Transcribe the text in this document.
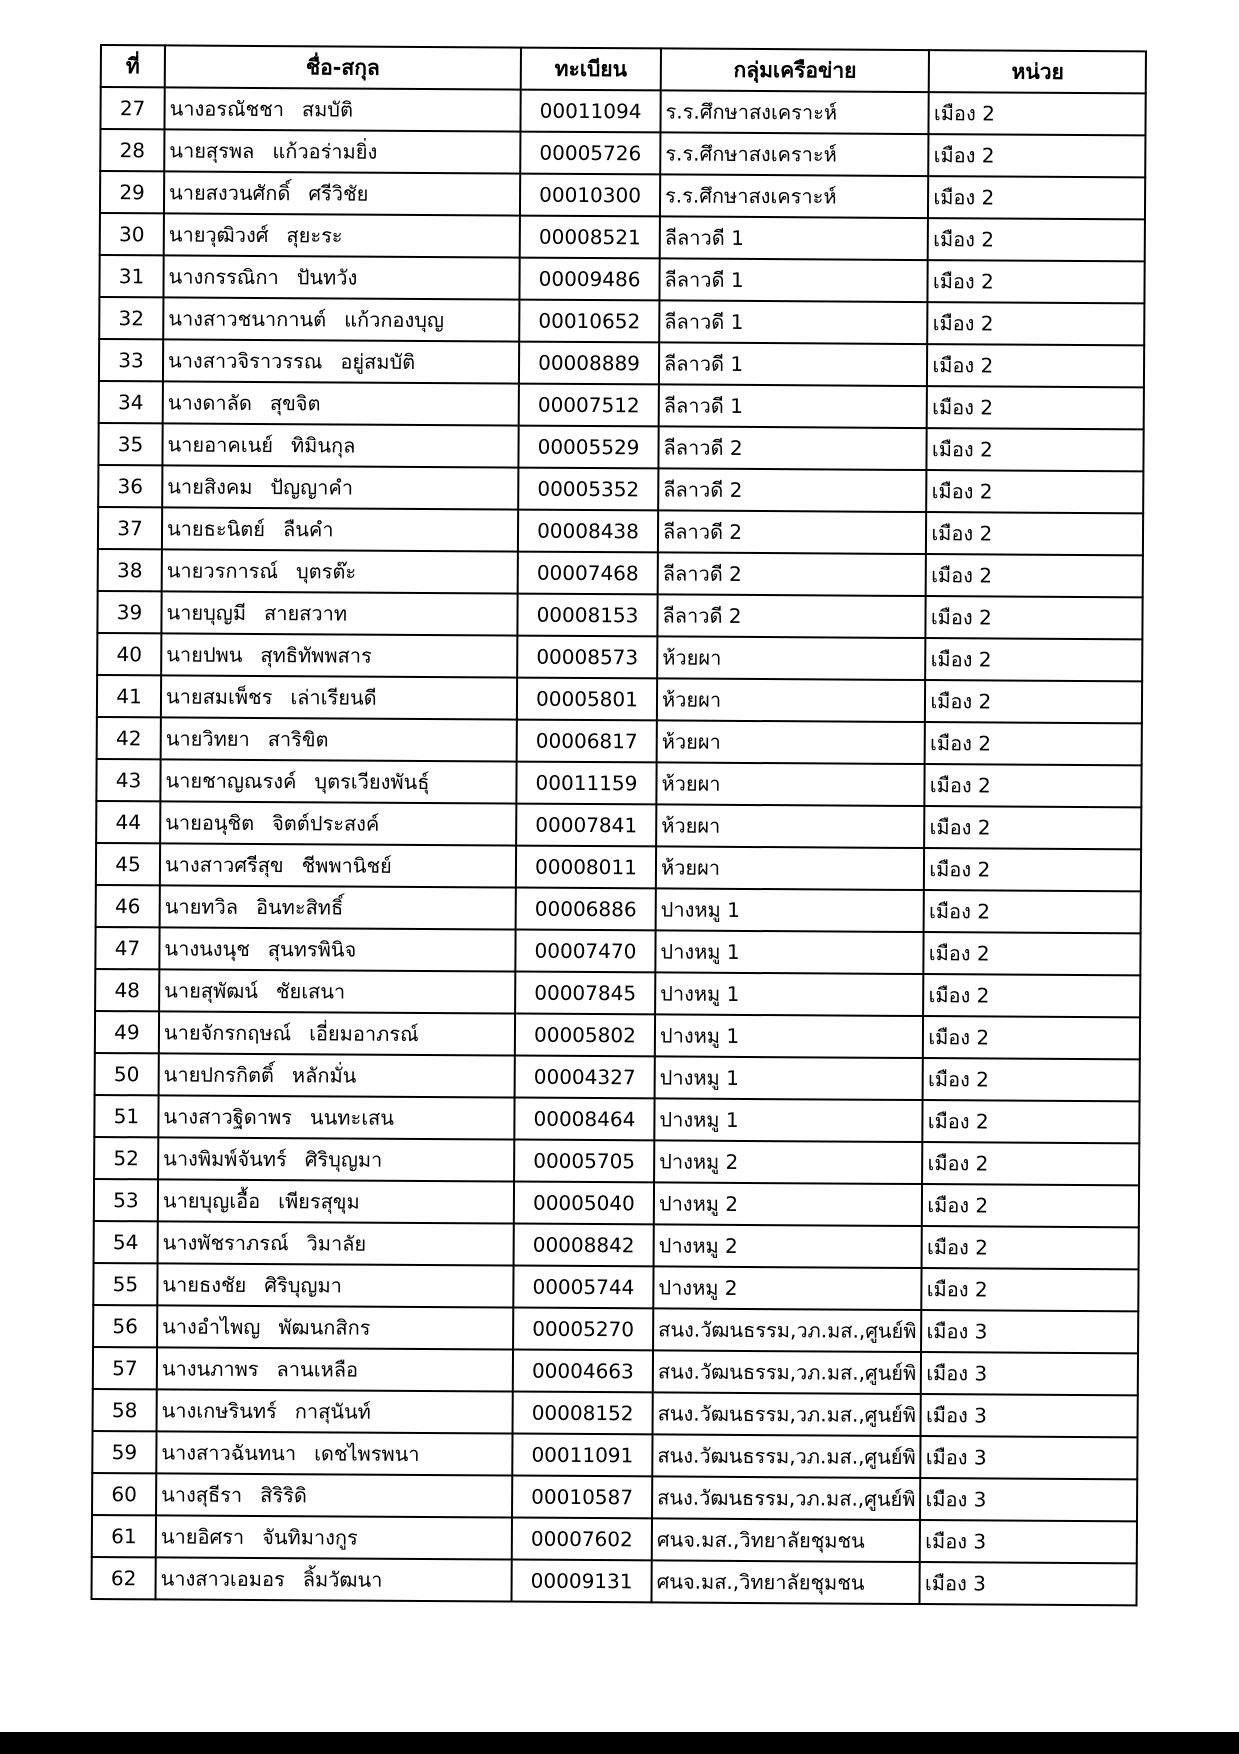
ที่	ชื่อ-สกุล	ทะเบียน	กลุ่มเครือข่าย	หน่วย
27	นางอรณัชชา สมบัติ	00011094	ร.ร.ศึกษาสงเคราะห์	เมือง 2
28	นายสุรพล แก้วอร่ามยิ่ง	00005726	ร.ร.ศึกษาสงเคราะห์	เมือง 2
29	นายสงวนศักดิ์ ศรีวิชัย	00010300	ร.ร.ศึกษาสงเคราะห์	เมือง 2
30	นายวุฒิวงศ์ สุยะระ	00008521	ลีลาวดี 1	เมือง 2
31	นางกรรณิกา ปันทวัง	00009486	ลีลาวดี 1	เมือง 2
32	นางสาวชนากานต์ แก้วกองบุญ	00010652	ลีลาวดี 1	เมือง 2
33	นางสาวจิราวรรณ อยู่สมบัติ	00008889	ลีลาวดี 1	เมือง 2
34	นางดาลัด สุขจิต	00007512	ลีลาวดี 1	เมือง 2
35	นายอาคเนย์ ทิมินกุล	00005529	ลีลาวดี 2	เมือง 2
36	นายสิงคม ปัญญาคำ	00005352	ลีลาวดี 2	เมือง 2
37	นายธะนิตย์ ลืนคำ	00008438	ลีลาวดี 2	เมือง 2
38	นายวรการณ์ บุตรต๊ะ	00007468	ลีลาวดี 2	เมือง 2
39	นายบุญมี สายสวาท	00008153	ลีลาวดี 2	เมือง 2
40	นายปพน สุทธิทัพพสาร	00008573	ห้วยผา	เมือง 2
41	นายสมเพ็ชร เล่าเรียนดี	00005801	ห้วยผา	เมือง 2
42	นายวิทยา สาริขิต	00006817	ห้วยผา	เมือง 2
43	นายชาญณรงค์ บุตรเวียงพันธุ์	00011159	ห้วยผา	เมือง 2
44	นายอนุชิต จิตต์ประสงค์	00007841	ห้วยผา	เมือง 2
45	นางสาวศรีสุข ชีพพานิชย์	00008011	ห้วยผา	เมือง 2
46	นายทวิล อินทะสิทธิ์	00006886	ปางหมู 1	เมือง 2
47	นางนงนุช สุนทรพินิจ	00007470	ปางหมู 1	เมือง 2
48	นายสุพัฒน์ ชัยเสนา	00007845	ปางหมู 1	เมือง 2
49	นายจักรกฤษณ์ เอี่ยมอาภรณ์	00005802	ปางหมู 1	เมือง 2
50	นายปกรกิตติ์ หลักมั่น	00004327	ปางหมู 1	เมือง 2
51	นางสาวฐิดาพร นนทะเสน	00008464	ปางหมู 1	เมือง 2
52	นางพิมพ์จันทร์ ศิริบุญมา	00005705	ปางหมู 2	เมือง 2
53	นายบุญเอื้อ เพียรสุขุม	00005040	ปางหมู 2	เมือง 2
54	นางพัชราภรณ์ วิมาลัย	00008842	ปางหมู 2	เมือง 2
55	นายธงชัย ศิริบุญมา	00005744	ปางหมู 2	เมือง 2
56	นางอำไพญ พัฒนกสิกร	00005270	สนง.วัฒนธรรม,วภ.มส.,ศูนย์พิ	เมือง 3
57	นางนภาพร ลานเหลือ	00004663	สนง.วัฒนธรรม,วภ.มส.,ศูนย์พิ	เมือง 3
58	นางเกษรินทร์ กาสุนันท์	00008152	สนง.วัฒนธรรม,วภ.มส.,ศูนย์พิ	เมือง 3
59	นางสาวฉันทนา เดชไพรพนา	00011091	สนง.วัฒนธรรม,วภ.มส.,ศูนย์พิ	เมือง 3
60	นางสุธีรา สิริริดิ	00010587	สนง.วัฒนธรรม,วภ.มส.,ศูนย์พิ	เมือง 3
61	นายอิศรา จันทิมางกูร	00007602	ศนจ.มส.,วิทยาลัยชุมชน	เมือง 3
62	นางสาวเอมอร ลิ้มวัฒนา	00009131	ศนจ.มส.,วิทยาลัยชุมชน	เมือง 3
